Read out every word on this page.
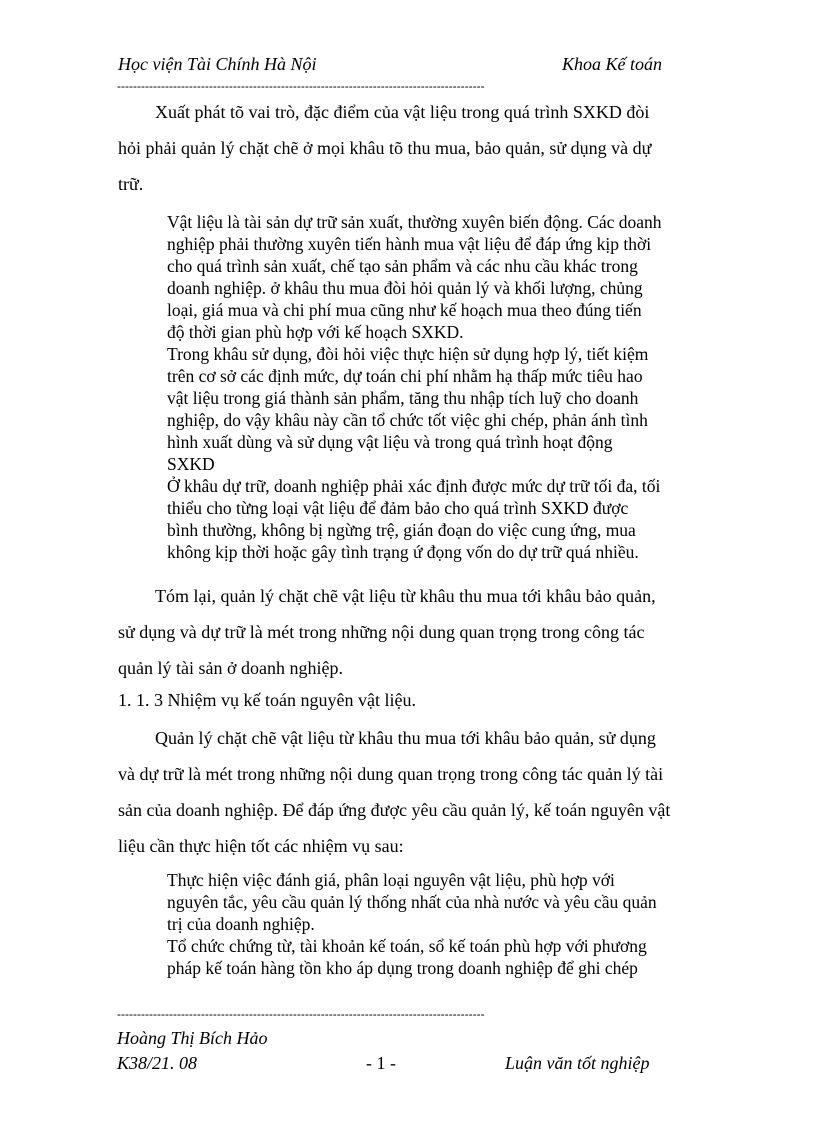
Học viện Tài Chính Hà Nội	Khoa Kế toán
--------------------------------------------------------------------------------------------
Xuất phát tõ vai trò, đặc điểm của vật liệu trong quá trình SXKD đòi
hỏi phải quản lý chặt chẽ ở mọi khâu tõ thu mua, bảo quản, sử dụng và dự
trữ.
Vật liệu là tài sản dự trữ sản xuất, thường xuyên biến động. Các doanh
nghiệp phải thường xuyên tiến hành mua vật liệu để đáp ứng kịp thời
cho quá trình sản xuất, chế tạo sản phẩm và các nhu cầu khác trong
doanh nghiệp. ở khâu thu mua đòi hỏi quản lý và khối lượng, chủng
loại, giá mua và chi phí mua cũng như kế hoạch mua theo đúng tiến
độ thời gian phù hợp với kế hoạch SXKD.
Trong khâu sử dụng, đòi hỏi việc thực hiện sử dụng hợp lý, tiết kiệm
trên cơ sở các định mức, dự toán chi phí nhằm hạ thấp mức tiêu hao
vật liệu trong giá thành sản phẩm, tăng thu nhập tích luỹ cho doanh
nghiệp, do vậy khâu này cần tổ chức tốt việc ghi chép, phản ánh tình
hình xuất dùng và sử dụng vật liệu và trong quá trình hoạt động
SXKD
Ở khâu dự trữ, doanh nghiệp phải xác định được mức dự trữ tối đa, tối
thiểu cho từng loại vật liệu để đảm bảo cho quá trình SXKD được
bình thường, không bị ngừng trệ, gián đoạn do việc cung ứng, mua
không kịp thời hoặc gây tình trạng ứ đọng vốn do dự trữ quá nhiều.
Tóm lại, quản lý chặt chẽ vật liệu từ khâu thu mua tới khâu bảo quản,
sử dụng và dự trữ là mét trong những nội dung quan trọng trong công tác
quản lý tài sản ở doanh nghiệp.
1. 1. 3 Nhiệm vụ kế toán nguyên vật liệu.
Quản lý chặt chẽ vật liệu từ khâu thu mua tới khâu bảo quản, sử dụng
và dự trữ là mét trong những nội dung quan trọng trong công tác quản lý tài
sản của doanh nghiệp. Để đáp ứng được yêu cầu quản lý, kế toán nguyên vật
liệu cần thực hiện tốt các nhiệm vụ sau:
Thực hiện việc đánh giá, phân loại nguyên vật liệu, phù hợp với
nguyên tắc, yêu cầu quản lý thống nhất của nhà nước và yêu cầu quản
trị của doanh nghiệp.
Tổ chức chứng từ, tài khoản kế toán, sổ kế toán phù hợp với phương
pháp kế toán hàng tồn kho áp dụng trong doanh nghiệp để ghi chép
--------------------------------------------------------------------------------------------
Hoàng Thị Bích Hảo
K38/21. 08	- 1 -	Luận văn tốt nghiệp
